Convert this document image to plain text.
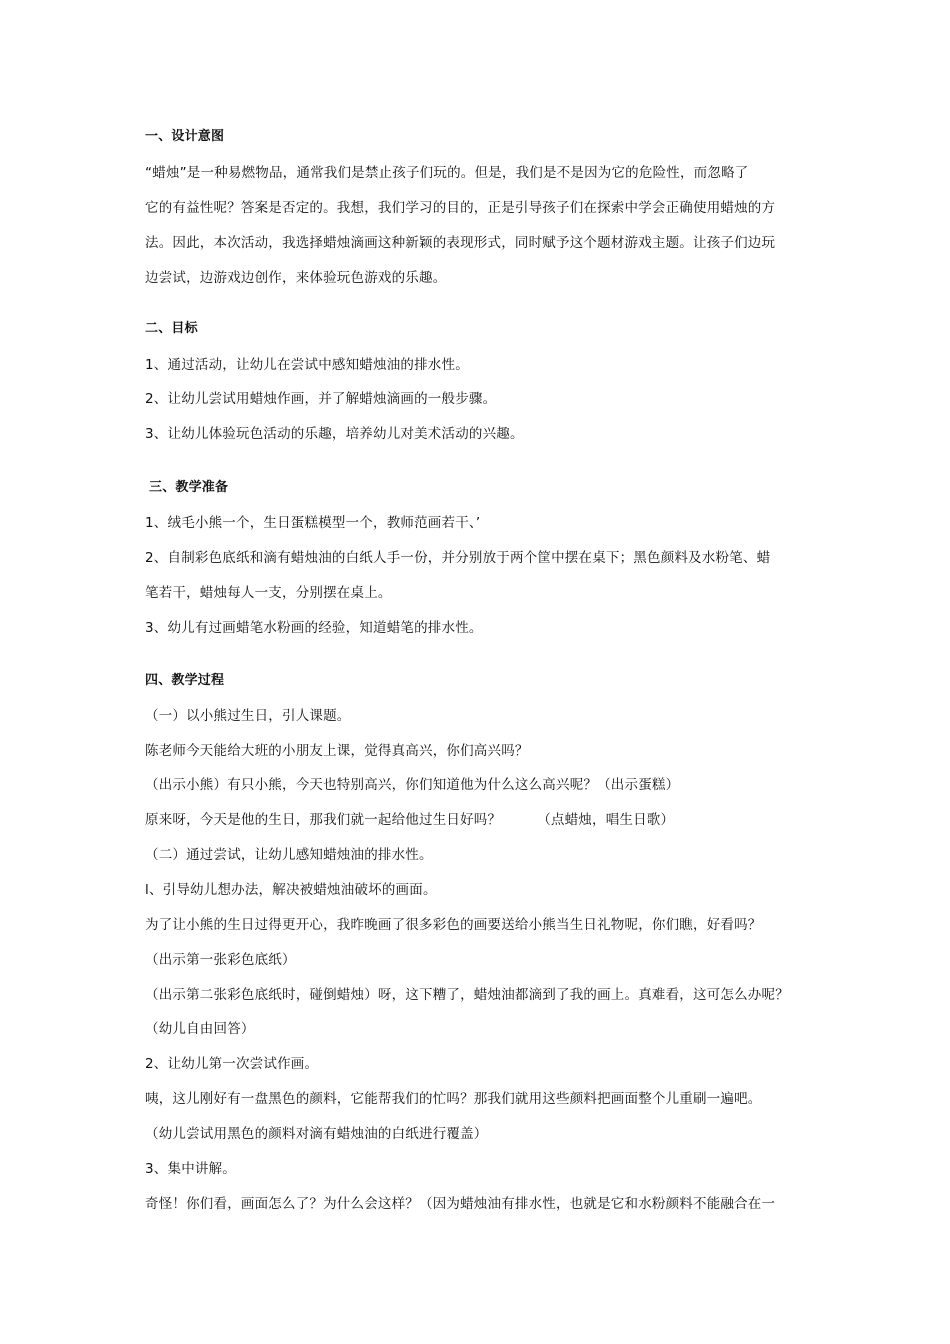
一、设计意图
“蜡烛”是一种易燃物品，通常我们是禁止孩子们玩的。但是，我们是不是因为它的危险性，而忽略了
它的有益性呢？答案是否定的。我想，我们学习的目的，正是引导孩子们在探索中学会正确使用蜡烛的方
法。因此，本次活动，我选择蜡烛滴画这种新颖的表现形式，同时赋予这个题材游戏主题。让孩子们边玩
边尝试，边游戏边创作，来体验玩色游戏的乐趣。
二、目标
1、通过活动，让幼儿在尝试中感知蜡烛油的排水性。
2、让幼儿尝试用蜡烛作画，并了解蜡烛滴画的一般步骤。
3、让幼儿体验玩色活动的乐趣，培养幼儿对美术活动的兴趣。
三、教学准备
1、绒毛小熊一个，生日蛋糕模型一个，教师范画若干、’
2、自制彩色底纸和滴有蜡烛油的白纸人手一份，并分别放于两个筐中摆在桌下；黑色颜料及水粉笔、蜡
笔若干，蜡烛每人一支，分别摆在桌上。
3、幼儿有过画蜡笔水粉画的经验，知道蜡笔的排水性。
四、教学过程
（一）以小熊过生日，引人课题。
陈老师今天能给大班的小朋友上课，觉得真高兴，你们高兴吗？
（出示小熊）有只小熊，今天也特别高兴，你们知道他为什么这么高兴呢？（出示蛋糕）
原来呀，今天是他的生日，那我们就一起给他过生日好吗？	（点蜡烛，唱生日歌）
（二）通过尝试，让幼儿感知蜡烛油的排水性。
l、引导幼儿想办法，解决被蜡烛油破坏的画面。
为了让小熊的生日过得更开心，我昨晚画了很多彩色的画要送给小熊当生日礼物呢，你们瞧，好看吗？
（出示第一张彩色底纸）
（出示第二张彩色底纸时，碰倒蜡烛）呀，这下糟了，蜡烛油都滴到了我的画上。真难看，这可怎么办呢？
（幼儿自由回答）
2、让幼儿第一次尝试作画。
咦，这儿刚好有一盘黑色的颜料，它能帮我们的忙吗？那我们就用这些颜料把画面整个儿重刷一遍吧。
（幼儿尝试用黑色的颜料对滴有蜡烛油的白纸进行覆盖）
3、集中讲解。
奇怪！你们看，画面怎么了？为什么会这样？（因为蜡烛油有排水性，也就是它和水粉颜料不能融合在一
